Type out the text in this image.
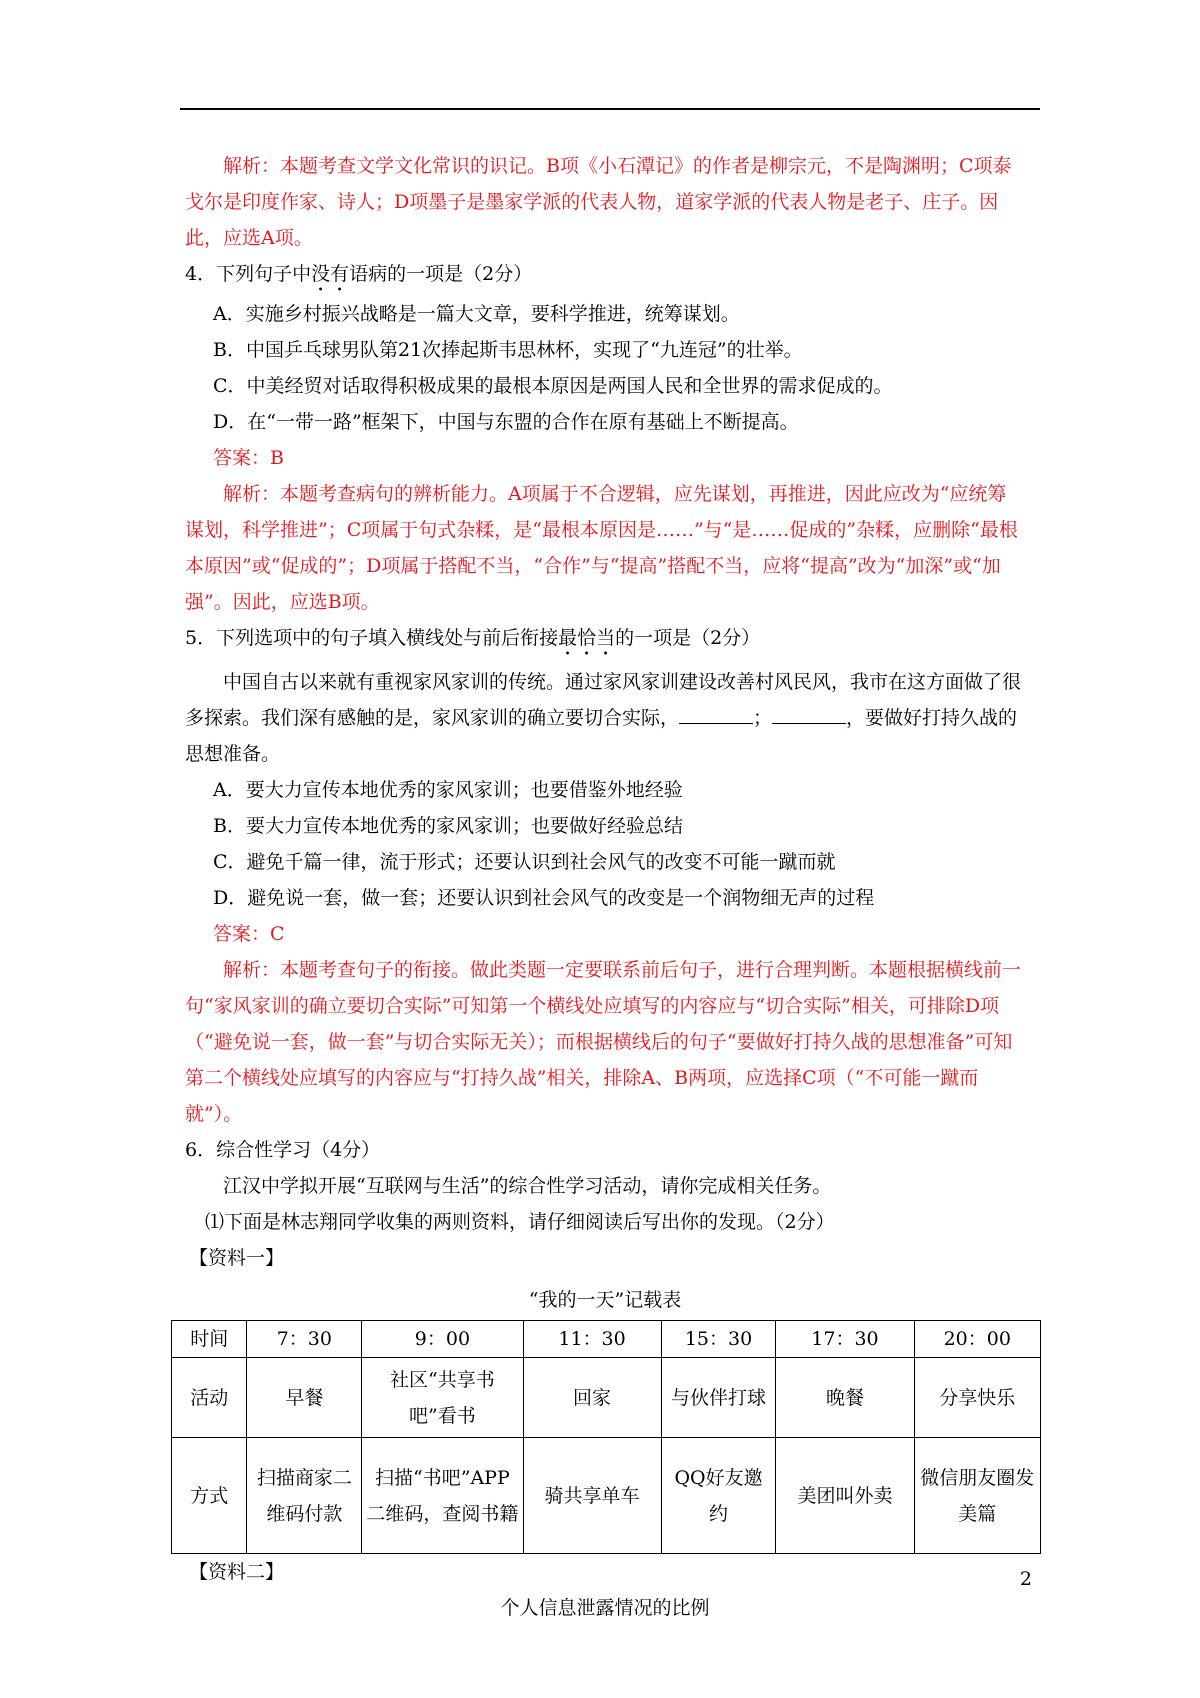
解析：本题考查文学文化常识的识记。B项《小石潭记》的作者是柳宗元，不是陶渊明；C项泰戈尔是印度作家、诗人；D项墨子是墨家学派的代表人物，道家学派的代表人物是老子、庄子。因此，应选A项。

4．下列句子中没有语病的一项是（2分）

A．实施乡村振兴战略是一篇大文章，要科学推进，统筹谋划。

B．中国乒乓球男队第21次捧起斯韦思林杯，实现了“九连冠”的壮举。

C．中美经贸对话取得积极成果的最根本原因是两国人民和全世界的需求促成的。

D．在“一带一路”框架下，中国与东盟的合作在原有基础上不断提高。

答案：B

解析：本题考查病句的辨析能力。A项属于不合逻辑，应先谋划，再推进，因此应改为“应统筹谋划，科学推进”；C项属于句式杂糅，是“最根本原因是……”与“是……促成的”杂糅，应删除“最根本原因”或“促成的”；D项属于搭配不当，“合作”与“提高”搭配不当，应将“提高”改为“加深”或“加强”。因此，应选B项。

5．下列选项中的句子填入横线处与前后衔接最恰当的一项是（2分）

中国自古以来就有重视家风家训的传统。通过家风家训建设改善村风民风，我市在这方面做了很多探索。我们深有感触的是，家风家训的确立要切合实际，	；	，要做好打持久战的思想准备。

A．要大力宣传本地优秀的家风家训；也要借鉴外地经验

B．要大力宣传本地优秀的家风家训；也要做好经验总结

C．避免千篇一律，流于形式；还要认识到社会风气的改变不可能一蹴而就

D．避免说一套，做一套；还要认识到社会风气的改变是一个润物细无声的过程

答案：C

解析：本题考查句子的衔接。做此类题一定要联系前后句子，进行合理判断。本题根据横线前一句“家风家训的确立要切合实际”可知第一个横线处应填写的内容应与“切合实际”相关，可排除D项（“避免说一套，做一套”与切合实际无关）；而根据横线后的句子“要做好打持久战的思想准备”可知第二个横线处应填写的内容应与“打持久战”相关，排除A、B两项，应选择C项（“不可能一蹴而就”）。

6．综合性学习（4分）

江汉中学拟开展“互联网与生活”的综合性学习活动，请你完成相关任务。

⑴下面是林志翔同学收集的两则资料，请仔细阅读后写出你的发现。（2分）

【资料一】

“我的一天”记载表

时间	7：30	9：00	11：30	15：30	17：30	20：00
活动	早餐	社区“共享书吧”看书	回家	与伙伴打球	晚餐	分享快乐
方式	扫描商家二维码付款	扫描“书吧”APP二维码，查阅书籍	骑共享单车	QQ好友邀约	美团叫外卖	微信朋友圈发美篇

【资料二】

个人信息泄露情况的比例

2
